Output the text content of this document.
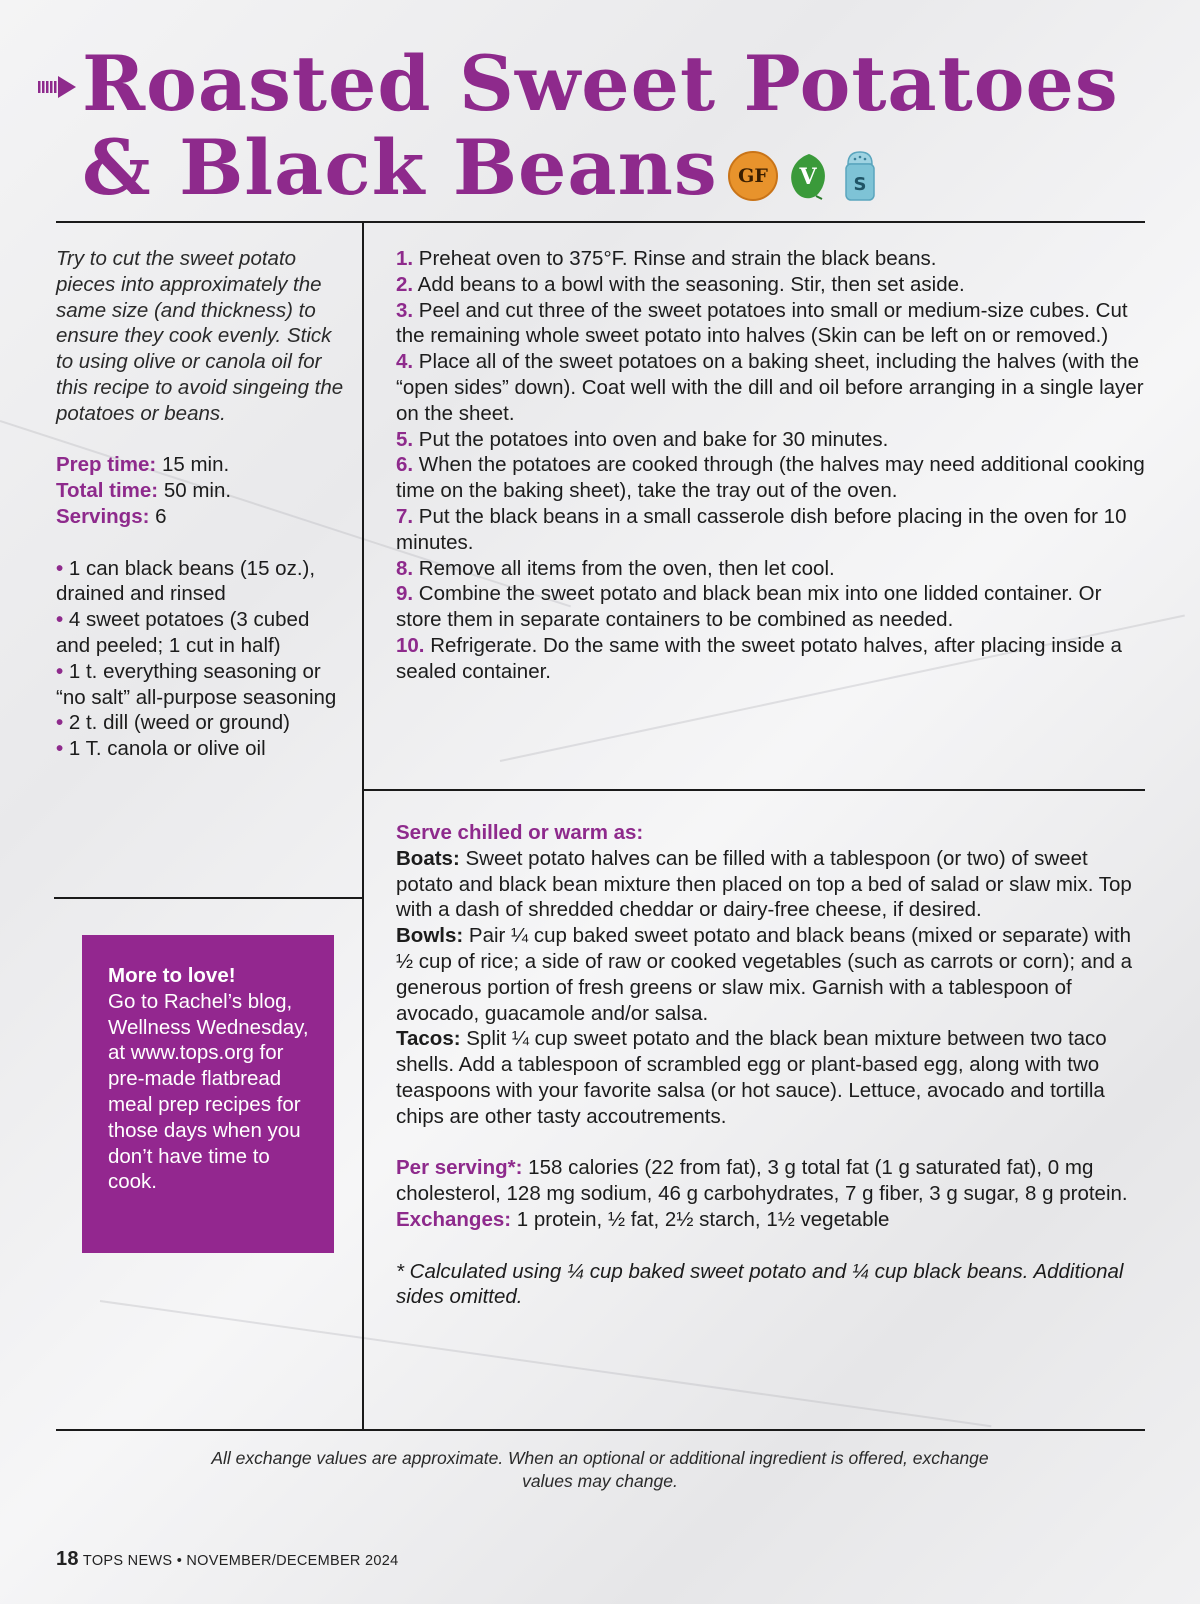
Roasted Sweet Potatoes
& Black Beans	GF	V S
Try to cut the sweet potato pieces into approximately the same size (and thickness) to ensure they cook evenly. Stick to using olive or canola oil for this recipe to avoid singeing the potatoes or beans.

Prep time: 15 min.

Total time: 50 min.

Servings: 6

• 1 can black beans (15 oz.), drained and rinsed
• 4 sweet potatoes (3 cubed and peeled; 1 cut in half)
• 1 t. everything seasoning or “no salt” all-purpose seasoning
• 2 t. dill (weed or ground)
• 1 T. canola or olive oil
More to love!
Go to Rachel’s blog, Wellness Wednesday, at www.tops.org for pre-made flatbread meal prep recipes for those days when you don’t have time to cook.

1. Preheat oven to 375°F. Rinse and strain the black beans.

2. Add beans to a bowl with the seasoning. Stir, then set aside.

3. Peel and cut three of the sweet potatoes into small or medium-size cubes. Cut the remaining whole sweet potato into halves (Skin can be left on or removed.)

4. Place all of the sweet potatoes on a baking sheet, including the halves (with the “open sides” down). Coat well with the dill and oil before arranging in a single layer on the sheet.

5. Put the potatoes into oven and bake for 30 minutes.

6. When the potatoes are cooked through (the halves may need additional cooking time on the baking sheet), take the tray out of the oven.

7. Put the black beans in a small casserole dish before placing in the oven for 10 minutes.

8. Remove all items from the oven, then let cool.

9. Combine the sweet potato and black bean mix into one lidded container. Or store them in separate containers to be combined as needed.

10. Refrigerate. Do the same with the sweet potato halves, after placing inside a sealed container.

Serve chilled or warm as:

Boats: Sweet potato halves can be filled with a tablespoon (or two) of sweet potato and black bean mixture then placed on top a bed of salad or slaw mix. Top with a dash of shredded cheddar or dairy-free cheese, if desired.

Bowls: Pair ¼ cup baked sweet potato and black beans (mixed or separate) with ½ cup of rice; a side of raw or cooked vegetables (such as carrots or corn); and a generous portion of fresh greens or slaw mix. Garnish with a tablespoon of avocado, guacamole and/or salsa.

Tacos: Split ¼ cup sweet potato and the black bean mixture between two taco shells. Add a tablespoon of scrambled egg or plant-based egg, along with two teaspoons with your favorite salsa (or hot sauce). Lettuce, avocado and tortilla chips are other tasty accoutrements.

Per serving*: 158 calories (22 from fat), 3 g total fat (1 g saturated fat), 0 mg cholesterol, 128 mg sodium, 46 g carbohydrates, 7 g fiber, 3 g sugar, 8 g protein.

Exchanges: 1 protein, ½ fat, 2½ starch, 1½ vegetable

* Calculated using ¼ cup baked sweet potato and ¼ cup black beans. Additional sides omitted.

All exchange values are approximate. When an optional or additional ingredient is offered, exchange values may change.
18 TOPS NEWS • NOVEMBER/DECEMBER 2024
